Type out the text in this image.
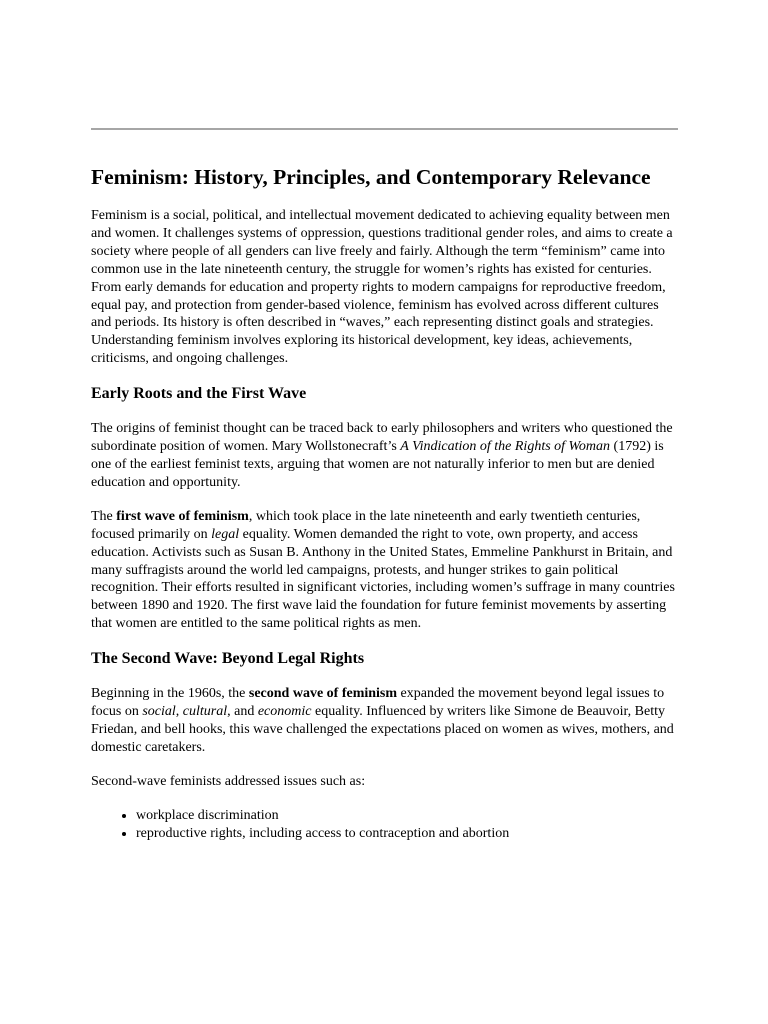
Feminism: History, Principles, and Contemporary Relevance

Feminism is a social, political, and intellectual movement dedicated to achieving equality between men and women. It challenges systems of oppression, questions traditional gender roles, and aims to create a society where people of all genders can live freely and fairly. Although the term “feminism” came into common use in the late nineteenth century, the struggle for women’s rights has existed for centuries. From early demands for education and property rights to modern campaigns for reproductive freedom, equal pay, and protection from gender-based violence, feminism has evolved across different cultures and periods. Its history is often described in “waves,” each representing distinct goals and strategies. Understanding feminism involves exploring its historical development, key ideas, achievements, criticisms, and ongoing challenges.

Early Roots and the First Wave

The origins of feminist thought can be traced back to early philosophers and writers who questioned the subordinate position of women. Mary Wollstonecraft’s A Vindication of the Rights of Woman (1792) is one of the earliest feminist texts, arguing that women are not naturally inferior to men but are denied education and opportunity.

The first wave of feminism, which took place in the late nineteenth and early twentieth centuries, focused primarily on legal equality. Women demanded the right to vote, own property, and access education. Activists such as Susan B. Anthony in the United States, Emmeline Pankhurst in Britain, and many suffragists around the world led campaigns, protests, and hunger strikes to gain political recognition. Their efforts resulted in significant victories, including women’s suffrage in many countries between 1890 and 1920. The first wave laid the foundation for future feminist movements by asserting that women are entitled to the same political rights as men.

The Second Wave: Beyond Legal Rights

Beginning in the 1960s, the second wave of feminism expanded the movement beyond legal issues to focus on social, cultural, and economic equality. Influenced by writers like Simone de Beauvoir, Betty Friedan, and bell hooks, this wave challenged the expectations placed on women as wives, mothers, and domestic caretakers.

Second-wave feminists addressed issues such as:

• workplace discrimination
• reproductive rights, including access to contraception and abortion
